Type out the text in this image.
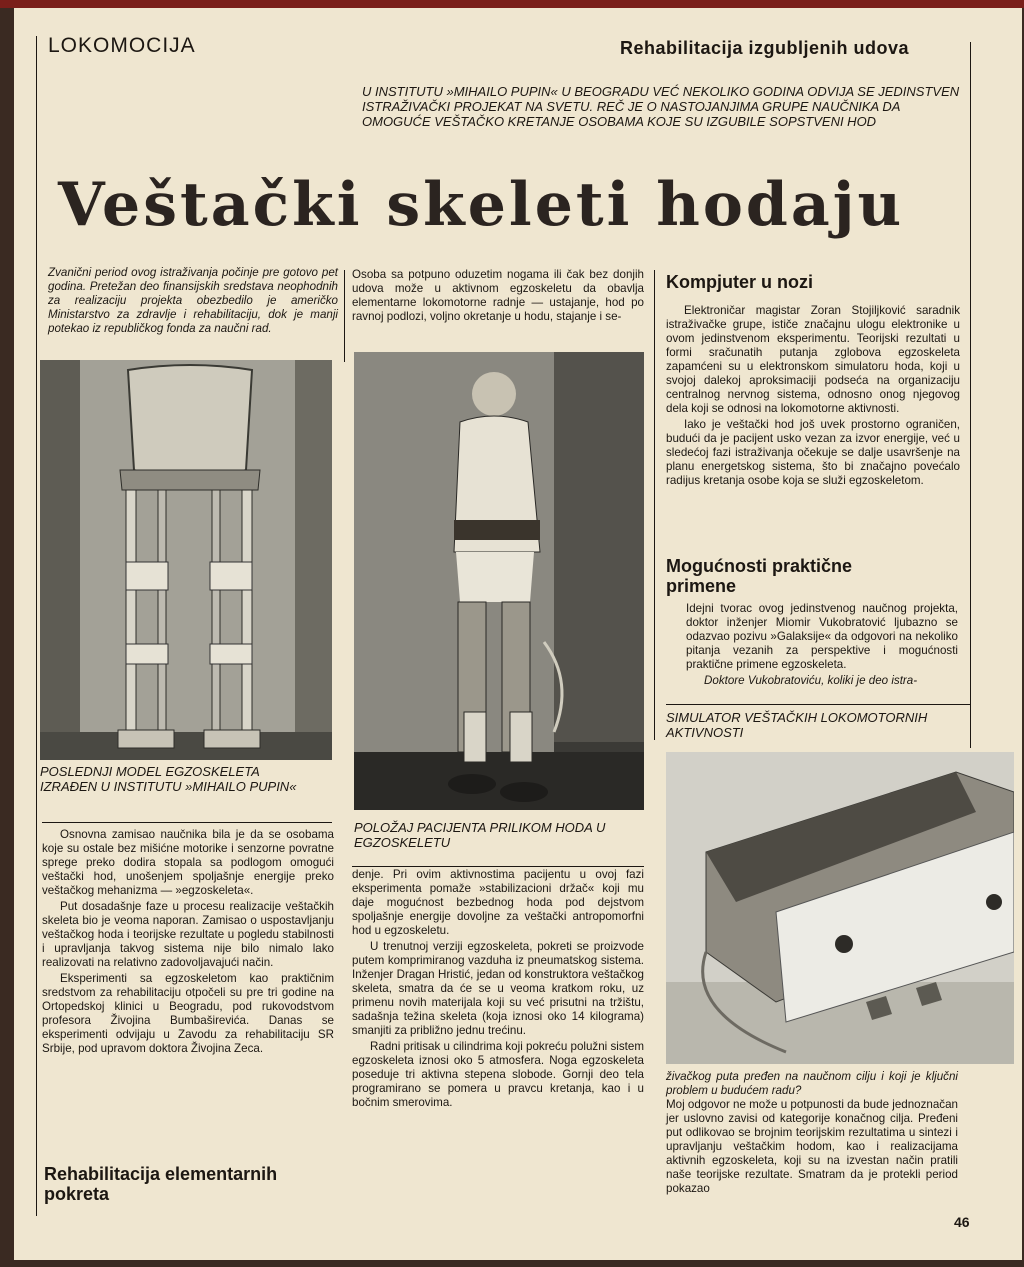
LOKOMOCIJA	Rehabilitacija izgubljenih udova
U INSTITUTU »MIHAILO PUPIN« U BEOGRADU VEĆ NEKOLIKO GODINA ODVIJA SE JEDINSTVEN ISTRAŽIVAČKI PROJEKAT NA SVETU. REČ JE O NASTOJANJIMA GRUPE NAUČNIKA DA OMOGUĆE VEŠTAČKO KRETANJE OSOBAMA KOJE SU IZGUBILE SOPSTVENI HOD
Veštački skeleti hodaju
Zvanični period ovog istraživanja počinje pre gotovo pet godina. Pretežan deo finansijskih sredstava neophodnih za realizaciju projekta obezbedilo je američko Ministarstvo za zdravlje i rehabilitaciju, dok je manji potekao iz republičkog fonda za naučni rad.
POSLEDNJI MODEL EGZOSKELETA IZRAĐEN U INSTITUTU »MIHAILO PUPIN«

Osnovna zamisao naučnika bila je da se osobama koje su ostale bez mišićne motorike i senzorne povratne sprege preko dodira stopala sa podlogom omogući veštački hod, unošenjem spoljašnje energije preko veštačkog mehanizma — »egzoskeleta«.

Put dosadašnje faze u procesu realizacije veštačkih skeleta bio je veoma naporan. Zamisao o uspostavljanju veštačkog hoda i teorijske rezultate u pogledu stabilnosti i upravljanja takvog sistema nije bilo nimalo lako realizovati na relativno zadovoljavajući način.

Eksperimenti sa egzoskeletom kao praktičnim sredstvom za rehabilitaciju otpočeli su pre tri godine na Ortopedskoj klinici u Beogradu, pod rukovodstvom profesora Živojina Bumbaširevića. Danas se eksperimenti odvijaju u Zavodu za rehabilitaciju SR Srbije, pod upravom doktora Živojina Zeca.

Rehabilitacija elementarnih pokreta
Osoba sa potpuno oduzetim nogama ili čak bez donjih udova može u aktivnom egzoskeletu da obavlja elementarne lokomotorne radnje — ustajanje, hod po ravnoj podlozi, voljno okretanje u hodu, stajanje i se-
POLOŽAJ PACIJENTA PRILIKOM HODA U EGZOSKELETU

denje. Pri ovim aktivnostima pacijentu u ovoj fazi eksperimenta pomaže »stabilizacioni držač« koji mu daje mogućnost bezbednog hoda pod dejstvom spoljašnje energije dovoljne za veštački antropomorfni hod u egzoskeletu.

U trenutnoj verziji egzoskeleta, pokreti se proizvode putem komprimiranog vazduha iz pneumatskog sistema. Inženjer Dragan Hristić, jedan od konstruktora veštačkog skeleta, smatra da će se u veoma kratkom roku, uz primenu novih materijala koji su već prisutni na tržištu, sadašnja težina skeleta (koja iznosi oko 14 kilograma) smanjiti za približno jednu trećinu.

Radni pritisak u cilindrima koji pokreću polužni sistem egzoskeleta iznosi oko 5 atmosfera. Noga egzoskeleta poseduje tri aktivna stepena slobode. Gornji deo tela programirano se pomera u pravcu kretanja, kao i u bočnim smerovima.

Kompjuter u nozi

Elektroničar magistar Zoran Stojiljković saradnik istraživačke grupe, ističe značajnu ulogu elektronike u ovom jedinstvenom eksperimentu. Teorijski rezultati u formi sračunatih putanja zglobova egzoskeleta zapamćeni su u elektronskom simulatoru hoda, koji u svojoj dalekoj aproksimaciji podseća na organizaciju centralnog nervnog sistema, odnosno onog njegovog dela koji se odnosi na lokomotorne aktivnosti.

Iako je veštački hod još uvek prostorno ograničen, budući da je pacijent usko vezan za izvor energije, već u sledećoj fazi istraživanja očekuje se dalje usavršenje na planu energetskog sistema, što bi značajno povećalo radijus kretanja osobe koja se služi egzoskeletom.

Mogućnosti praktične primene

Idejni tvorac ovog jedinstvenog naučnog projekta, doktor inženjer Miomir Vukobratović ljubazno se odazvao pozivu »Galaksije« da odgovori na nekoliko pitanja vezanih za perspektive i mogućnosti praktične primene egzoskeleta.

Doktore Vukobratoviću, koliki je deo istra-

SIMULATOR VEŠTAČKIH LOKOMOTORNIH AKTIVNOSTI
živačkog puta pređen na naučnom cilju i koji je ključni problem u budućem radu?
Moj odgovor ne može u potpunosti da bude jednoznačan jer uslovno zavisi od kategorije konačnog cilja. Pređeni put odlikovao se brojnim teorijskim rezultatima u sintezi i upravljanju veštačkim hodom, kao i realizacijama aktivnih egzoskeleta, koji su na izvestan način pratili naše teorijske rezultate. Smatram da je protekli period pokazao
46
